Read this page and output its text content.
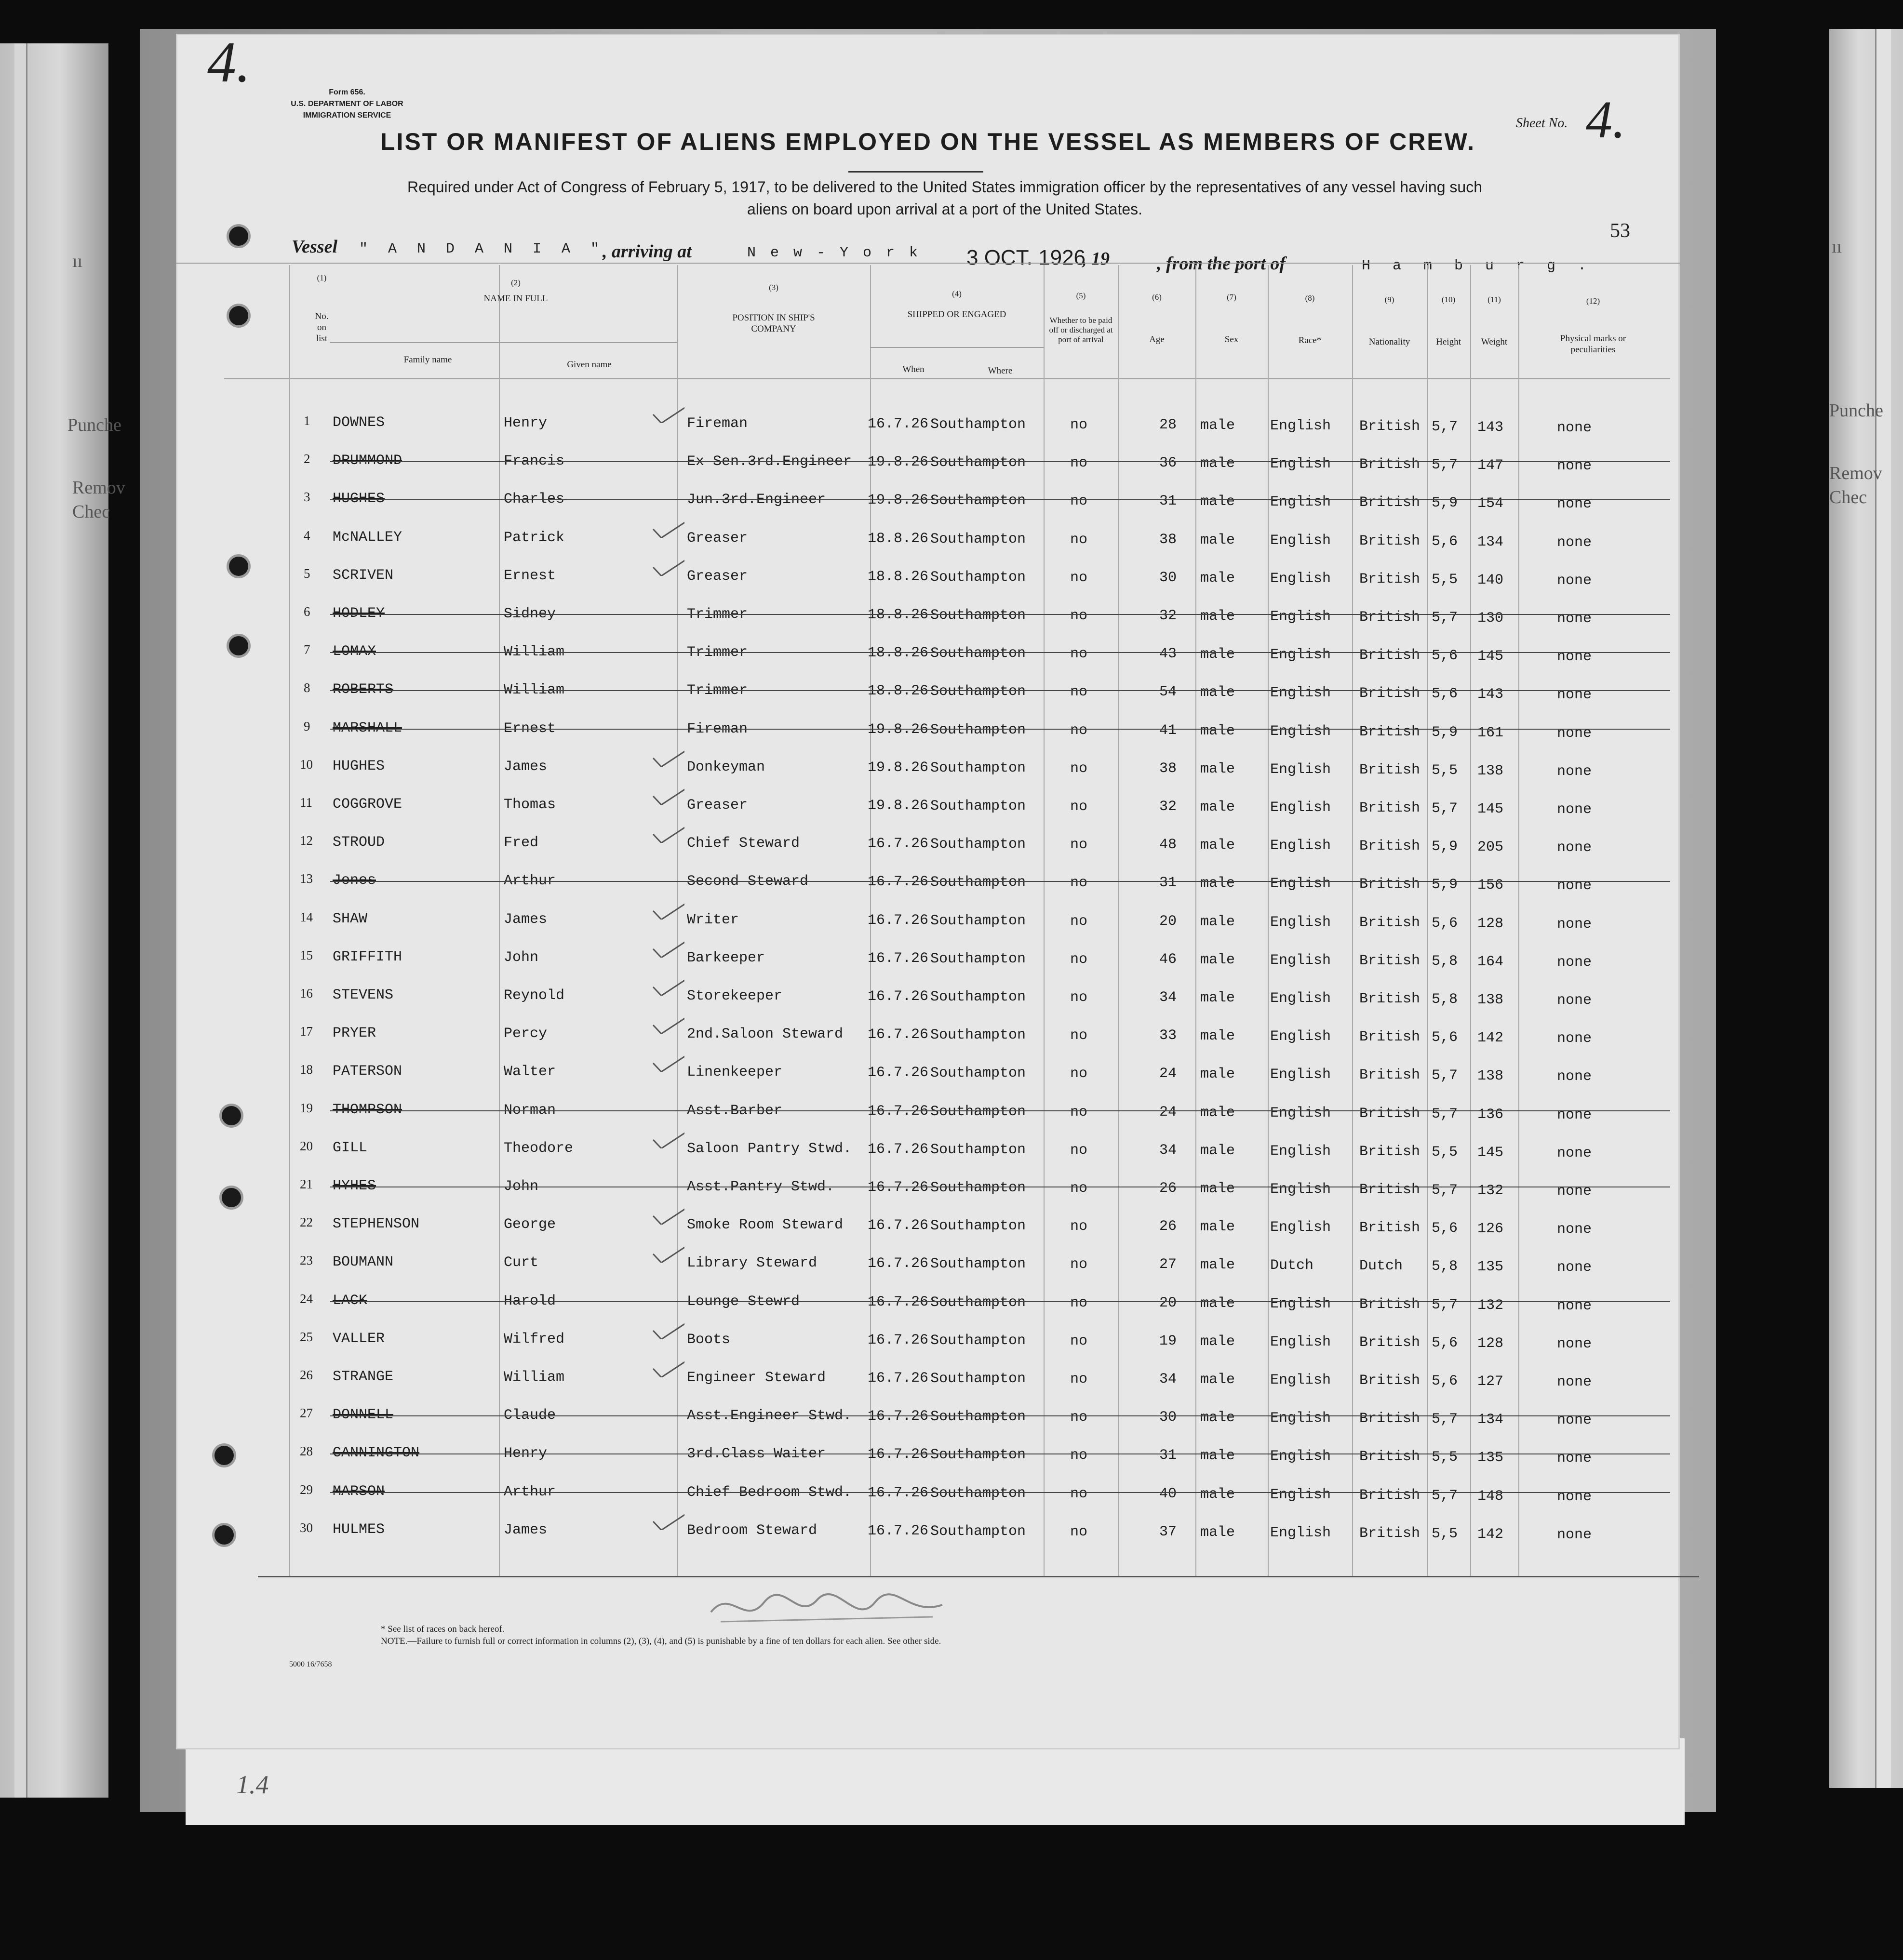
ıı
Punche
Remov
Chec
ıı
Punche
Remov
Chec
1.4
4.	Form 656.
U.S. DEPARTMENT OF LABOR
IMMIGRATION SERVICE
Sheet No. 4.
LIST OR MANIFEST OF ALIENS EMPLOYED ON THE VESSEL AS MEMBERS OF CREW.
Required under Act of Congress of February 5, 1917, to be delivered to the United States immigration officer by the representatives of any vessel having such
aliens on board upon arrival at a port of the United States.
53
Vessel " A N D A N I A "
, arriving at	N e w - Y o r k 3 OCT. 1926
, 19	, from the port of	H a m b u r g .
(1)
No.
on
list
(2)
NAME IN FULL
Family name	Given name
(3)
POSITION IN SHIP'S
COMPANY
(4)
SHIPPED OR ENGAGED
When	Where
(5)
Whether to be paid
off or discharged at
port of arrival
(6)
Age
(7)
Sex
(8)
Race*
(9)
Nationality
(10)
Height
(11)
Weight
(12)
Physical marks or
peculiarities
1 DOWNES	Henry	Fireman	16.7.26 Southampton	no	28 male English British 5,7 143	none
2 DRUMMOND	Francis	Ex Sen.3rd.Engineer 19.8.26 Southampton	no	36 male English British 5,7 147	none
3 HUGHES	Charles	Jun.3rd.Engineer	19.8.26 Southampton	no	31 male English British 5,9 154	none
4 McNALLEY	Patrick	Greaser	18.8.26 Southampton	no	38 male English British 5,6 134	none
5 SCRIVEN	Ernest	Greaser	18.8.26 Southampton	no	30 male English British 5,5 140	none
6 HODLEY	Sidney	Trimmer	18.8.26 Southampton	no	32 male English British 5,7 130	none
7 LOMAX	William	Trimmer	18.8.26 Southampton	no	43 male English British 5,6 145	none
8 ROBERTS	William	Trimmer	18.8.26 Southampton	no	54 male English British 5,6 143	none
9 MARSHALL	Ernest	Fireman	19.8.26 Southampton	no	41 male English British 5,9 161	none
10 HUGHES	James	Donkeyman	19.8.26 Southampton	no	38 male English British 5,5 138	none
11 COGGROVE	Thomas	Greaser	19.8.26 Southampton	no	32 male English British 5,7 145	none
12 STROUD	Fred	Chief Steward	16.7.26 Southampton	no	48 male English British 5,9 205	none
13 Jones	Arthur	Second Steward	16.7.26 Southampton	no	31 male English British 5,9 156	none
14 SHAW	James	Writer	16.7.26 Southampton	no	20 male English British 5,6 128	none
15 GRIFFITH	John	Barkeeper	16.7.26 Southampton	no	46 male English British 5,8 164	none
16 STEVENS	Reynold	Storekeeper	16.7.26 Southampton	no	34 male English British 5,8 138	none
17 PRYER	Percy	2nd.Saloon Steward 16.7.26 Southampton	no	33 male English British 5,6 142	none
18 PATERSON	Walter	Linenkeeper	16.7.26 Southampton	no	24 male English British 5,7 138	none
19 THOMPSON	Norman	Asst.Barber	16.7.26 Southampton	no	24 male English British 5,7 136	none
20 GILL	Theodore	Saloon Pantry Stwd. 16.7.26 Southampton	no	34 male English British 5,5 145	none
21 HYHES	John	Asst.Pantry Stwd. 16.7.26 Southampton	no	26 male English British 5,7 132	none
22 STEPHENSON	George	Smoke Room Steward 16.7.26 Southampton	no	26 male English British 5,6 126	none
23 BOUMANN	Curt	Library Steward	16.7.26 Southampton	no	27 male Dutch	Dutch 5,8 135	none
24 LACK	Harold	Lounge Stewrd	16.7.26 Southampton	no	20 male English British 5,7 132	none
25 VALLER	Wilfred	Boots	16.7.26 Southampton	no	19 male English British 5,6 128	none
26 STRANGE	William	Engineer Steward	16.7.26 Southampton	no	34 male English British 5,6 127	none
27 DONNELL	Claude	Asst.Engineer Stwd. 16.7.26 Southampton	no	30 male English British 5,7 134	none
28 CANNINGTON	Henry	3rd.Class Waiter	16.7.26 Southampton	no	31 male English British 5,5 135	none
29 MARSON	Arthur	Chief Bedroom Stwd. 16.7.26 Southampton	no	40 male English British 5,7 148	none
30 HULMES	James	Bedroom Steward	16.7.26 Southampton	no	37 male English British 5,5 142	none
* See list of races on back hereof.
NOTE.—Failure to furnish full or correct information in columns (2), (3), (4), and (5) is punishable by a fine of ten dollars for each alien. See other side.
5000 16/7658
